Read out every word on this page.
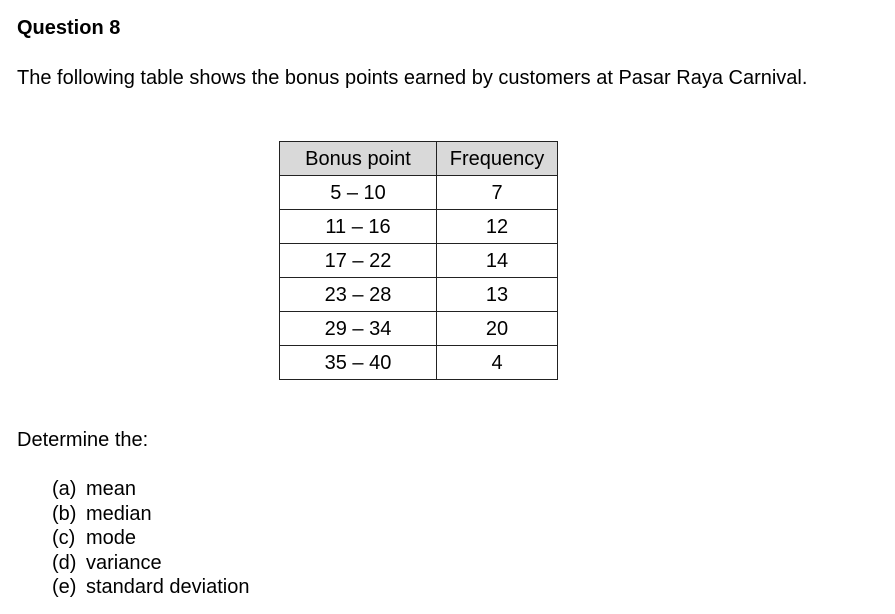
Question 8
The following table shows the bonus points earned by customers at Pasar Raya Carnival.
Bonus point	Frequency
5 – 10	7
11 – 16	12
17 – 22	14
23 – 28	13
29 – 34	20
35 – 40	4
Determine the:
(a) mean
(b) median
(c) mode
(d) variance
(e) standard deviation
